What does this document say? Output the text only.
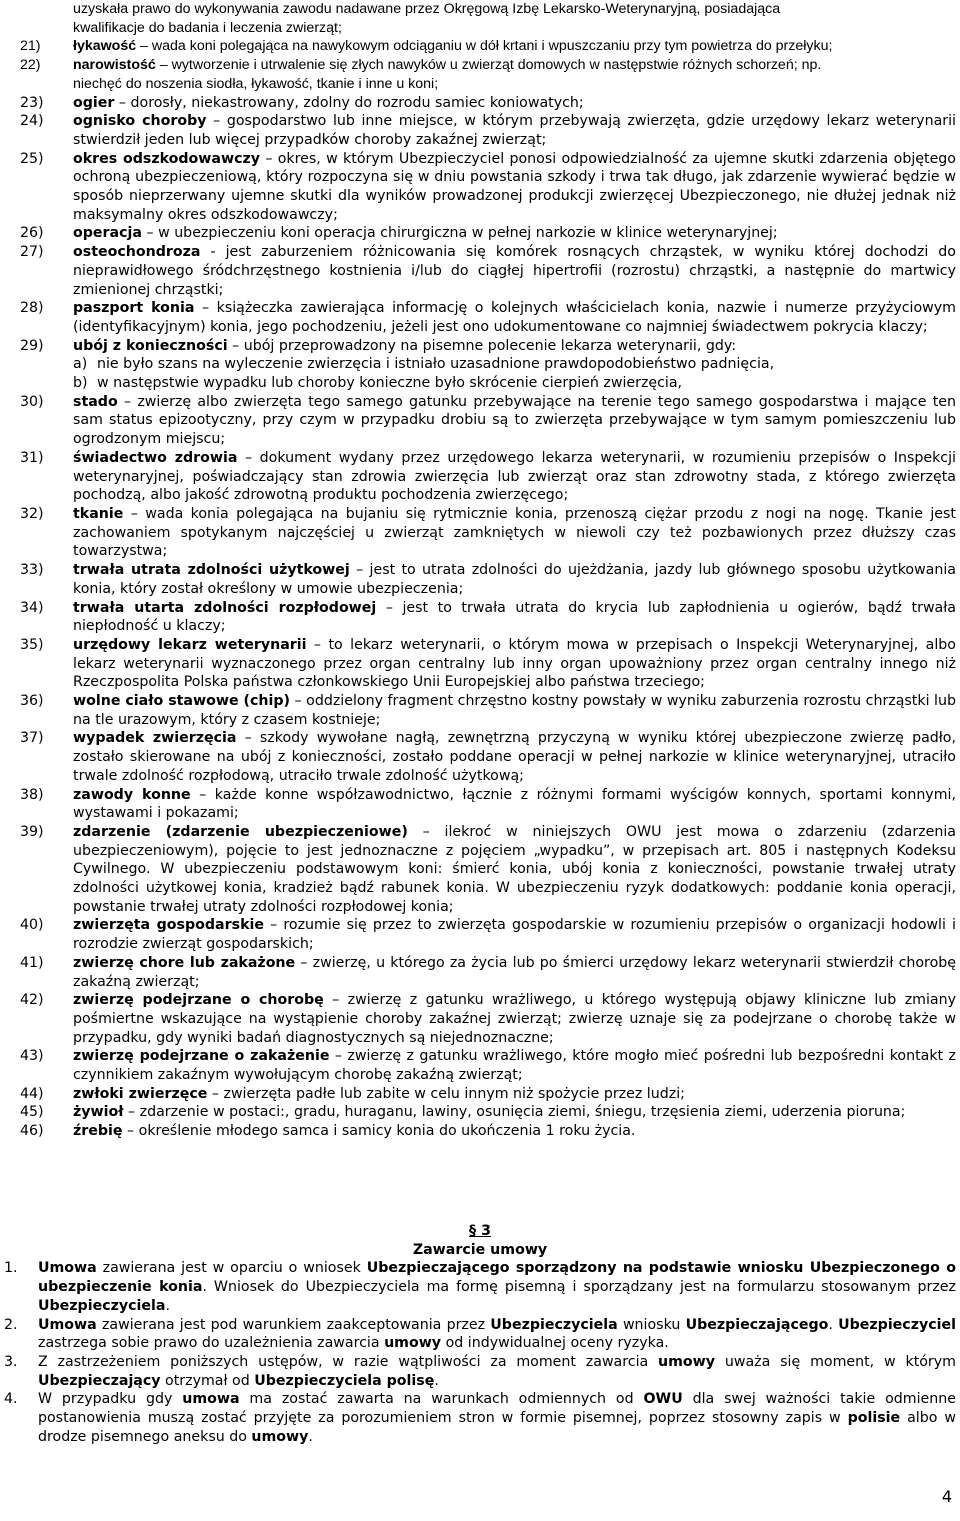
uzyskała prawo do wykonywania zawodu nadawane przez Okręgową Izbę Lekarsko-Weterynaryjną, posiadająca
kwalifikacje do badania i leczenia zwierząt;
21) łykawość – wada koni polegająca na nawykowym odciąganiu w dół krtani i wpuszczaniu przy tym powietrza do przełyku;
22) narowistość – wytworzenie i utrwalenie się złych nawyków u zwierząt domowych w następstwie różnych schorzeń; np.
niechęć do noszenia siodła, łykawość, tkanie i inne u koni;
23) ogier – dorosły, niekastrowany, zdolny do rozrodu samiec koniowatych;
24) ognisko choroby – gospodarstwo lub inne miejsce, w którym przebywają zwierzęta, gdzie urzędowy lekarz weterynarii stwierdził jeden lub więcej przypadków choroby zakaźnej zwierząt;
25) okres odszkodowawczy – okres, w którym Ubezpieczyciel ponosi odpowiedzialność za ujemne skutki zdarzenia objętego ochroną ubezpieczeniową, który rozpoczyna się w dniu powstania szkody i trwa tak długo, jak zdarzenie wywierać będzie w sposób nieprzerwany ujemne skutki dla wyników prowadzonej produkcji zwierzęcej Ubezpieczonego, nie dłużej jednak niż maksymalny okres odszkodowawczy;
26) operacja – w ubezpieczeniu koni operacja chirurgiczna w pełnej narkozie w klinice weterynaryjnej;
27) osteochondroza - jest zaburzeniem różnicowania się komórek rosnących chrząstek, w wyniku której dochodzi do nieprawidłowego śródchrzęstnego kostnienia i/lub do ciągłej hipertrofii (rozrostu) chrząstki, a następnie do martwicy zmienionej chrząstki;
28) paszport konia – książeczka zawierająca informację o kolejnych właścicielach konia, nazwie i numerze przyżyciowym (identyfikacyjnym) konia, jego pochodzeniu, jeżeli jest ono udokumentowane co najmniej świadectwem pokrycia klaczy;
29) ubój z konieczności – ubój przeprowadzony na pisemne polecenie lekarza weterynarii, gdy:
a) nie było szans na wyleczenie zwierzęcia i istniało uzasadnione prawdopodobieństwo padnięcia,
b) w następstwie wypadku lub choroby konieczne było skrócenie cierpień zwierzęcia,
30) stado – zwierzę albo zwierzęta tego samego gatunku przebywające na terenie tego samego gospodarstwa i mające ten sam status epizootyczny, przy czym w przypadku drobiu są to zwierzęta przebywające w tym samym pomieszczeniu lub ogrodzonym miejscu;
31) świadectwo zdrowia – dokument wydany przez urzędowego lekarza weterynarii, w rozumieniu przepisów o Inspekcji weterynaryjnej, poświadczający stan zdrowia zwierzęcia lub zwierząt oraz stan zdrowotny stada, z którego zwierzęta pochodzą, albo jakość zdrowotną produktu pochodzenia zwierzęcego;
32) tkanie – wada konia polegająca na bujaniu się rytmicznie konia, przenoszą ciężar przodu z nogi na nogę. Tkanie jest zachowaniem spotykanym najczęściej u zwierząt zamkniętych w niewoli czy też pozbawionych przez dłuższy czas towarzystwa;
33) trwała utrata zdolności użytkowej – jest to utrata zdolności do ujeżdżania, jazdy lub głównego sposobu użytkowania konia, który został określony w umowie ubezpieczenia;
34) trwała utarta zdolności rozpłodowej – jest to trwała utrata do krycia lub zapłodnienia u ogierów, bądź trwała niepłodność u klaczy;
35) urzędowy lekarz weterynarii – to lekarz weterynarii, o którym mowa w przepisach o Inspekcji Weterynaryjnej, albo lekarz weterynarii wyznaczonego przez organ centralny lub inny organ upoważniony przez organ centralny innego niż Rzeczpospolita Polska państwa członkowskiego Unii Europejskiej albo państwa trzeciego;
36) wolne ciało stawowe (chip) – oddzielony fragment chrzęstno kostny powstały w wyniku zaburzenia rozrostu chrząstki lub na tle urazowym, który z czasem kostnieje;
37) wypadek zwierzęcia – szkody wywołane nagłą, zewnętrzną przyczyną w wyniku której ubezpieczone zwierzę padło, zostało skierowane na ubój z konieczności, zostało poddane operacji w pełnej narkozie w klinice weterynaryjnej, utraciło trwale zdolność rozpłodową, utraciło trwale zdolność użytkową;
38) zawody konne – każde konne współzawodnictwo, łącznie z różnymi formami wyścigów konnych, sportami konnymi, wystawami i pokazami;
39) zdarzenie (zdarzenie ubezpieczeniowe) – ilekroć w niniejszych OWU jest mowa o zdarzeniu (zdarzenia ubezpieczeniowym), pojęcie to jest jednoznaczne z pojęciem „wypadku”, w przepisach art. 805 i następnych Kodeksu Cywilnego. W ubezpieczeniu podstawowym koni: śmierć konia, ubój konia z konieczności, powstanie trwałej utraty zdolności użytkowej konia, kradzież bądź rabunek konia. W ubezpieczeniu ryzyk dodatkowych: poddanie konia operacji, powstanie trwałej utraty zdolności rozpłodowej konia;
40) zwierzęta gospodarskie – rozumie się przez to zwierzęta gospodarskie w rozumieniu przepisów o organizacji hodowli i rozrodzie zwierząt gospodarskich;
41) zwierzę chore lub zakażone – zwierzę, u którego za życia lub po śmierci urzędowy lekarz weterynarii stwierdził chorobę zakaźną zwierząt;
42) zwierzę podejrzane o chorobę – zwierzę z gatunku wrażliwego, u którego występują objawy kliniczne lub zmiany pośmiertne wskazujące na wystąpienie choroby zakaźnej zwierząt; zwierzę uznaje się za podejrzane o chorobę także w przypadku, gdy wyniki badań diagnostycznych są niejednoznaczne;
43) zwierzę podejrzane o zakażenie – zwierzę z gatunku wrażliwego, które mogło mieć pośredni lub bezpośredni kontakt z czynnikiem zakaźnym wywołującym chorobę zakaźną zwierząt;
44) zwłoki zwierzęce – zwierzęta padłe lub zabite w celu innym niż spożycie przez ludzi;
45) żywioł – zdarzenie w postaci:, gradu, huraganu, lawiny, osunięcia ziemi, śniegu, trzęsienia ziemi, uderzenia pioruna;
46) źrebię – określenie młodego samca i samicy konia do ukończenia 1 roku życia.
§ 3
Zawarcie umowy
1. Umowa zawierana jest w oparciu o wniosek Ubezpieczającego sporządzony na podstawie wniosku Ubezpieczonego o ubezpieczenie konia. Wniosek do Ubezpieczyciela ma formę pisemną i sporządzany jest na formularzu stosowanym przez Ubezpieczyciela.
2. Umowa zawierana jest pod warunkiem zaakceptowania przez Ubezpieczyciela wniosku Ubezpieczającego. Ubezpieczyciel zastrzega sobie prawo do uzależnienia zawarcia umowy od indywidualnej oceny ryzyka.
3. Z zastrzeżeniem poniższych ustępów, w razie wątpliwości za moment zawarcia umowy uważa się moment, w którym Ubezpieczający otrzymał od Ubezpieczyciela polisę.
4. W przypadku gdy umowa ma zostać zawarta na warunkach odmiennych od OWU dla swej ważności takie odmienne postanowienia muszą zostać przyjęte za porozumieniem stron w formie pisemnej, poprzez stosowny zapis w polisie albo w drodze pisemnego aneksu do umowy.
4
